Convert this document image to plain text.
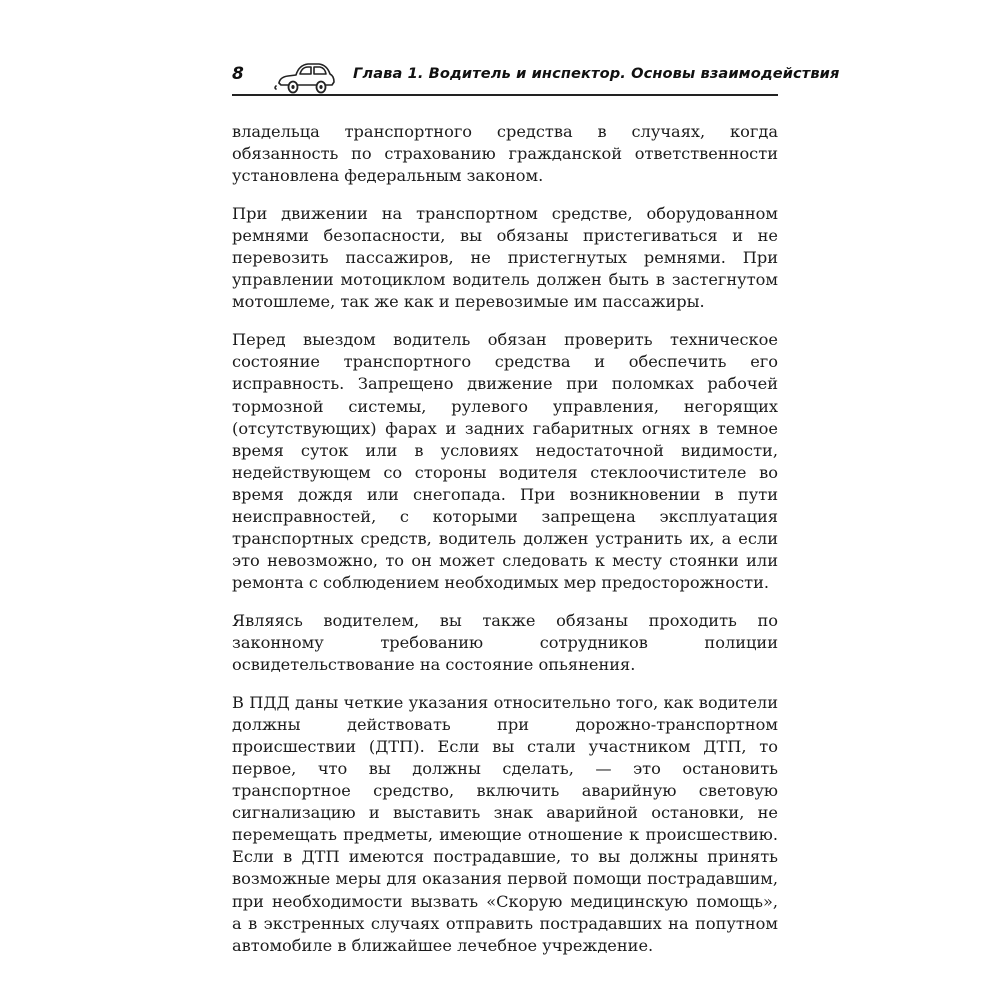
8	Глава 1. Водитель и инспектор. Основы взаимодействия

владельца транспортного средства в случаях, когда обязанность по страхованию гражданской ответственности установлена федеральным законом.

При движении на транспортном средстве, оборудованном ремнями безопасности, вы обязаны пристегиваться и не перевозить пассажиров, не пристегнутых ремнями. При управлении мотоциклом водитель должен быть в застегнутом мотошлеме, так же как и перевозимые им пассажиры.

Перед выездом водитель обязан проверить техническое состояние транспортного средства и обеспечить его исправность. Запрещено движение при поломках рабочей тормозной системы, рулевого управления, негорящих (отсутствующих) фарах и задних габаритных огнях в темное время суток или в условиях недостаточной видимости, недействующем со стороны водителя стеклоочистителе во время дождя или снегопада. При возникновении в пути неисправностей, с которыми запрещена эксплуатация транспортных средств, водитель должен устранить их, а если это невозможно, то он может следовать к месту стоянки или ремонта с соблюдением необходимых мер предосторожности.

Являясь водителем, вы также обязаны проходить по законному требованию сотрудников полиции освидетельствование на состояние опьянения.

В ПДД даны четкие указания относительно того, как водители должны действовать при дорожно-транспортном происшествии (ДТП). Если вы стали участником ДТП, то первое, что вы должны сделать, — это остановить транспортное средство, включить аварийную световую сигнализацию и выставить знак аварийной остановки, не перемещать предметы, имеющие отношение к происшествию. Если в ДТП имеются пострадавшие, то вы должны принять возможные меры для оказания первой помощи пострадавшим, при необходимости вызвать «Скорую медицинскую помощь», а в экстренных случаях отправить пострадавших на попутном автомобиле в ближайшее лечебное учреждение.
